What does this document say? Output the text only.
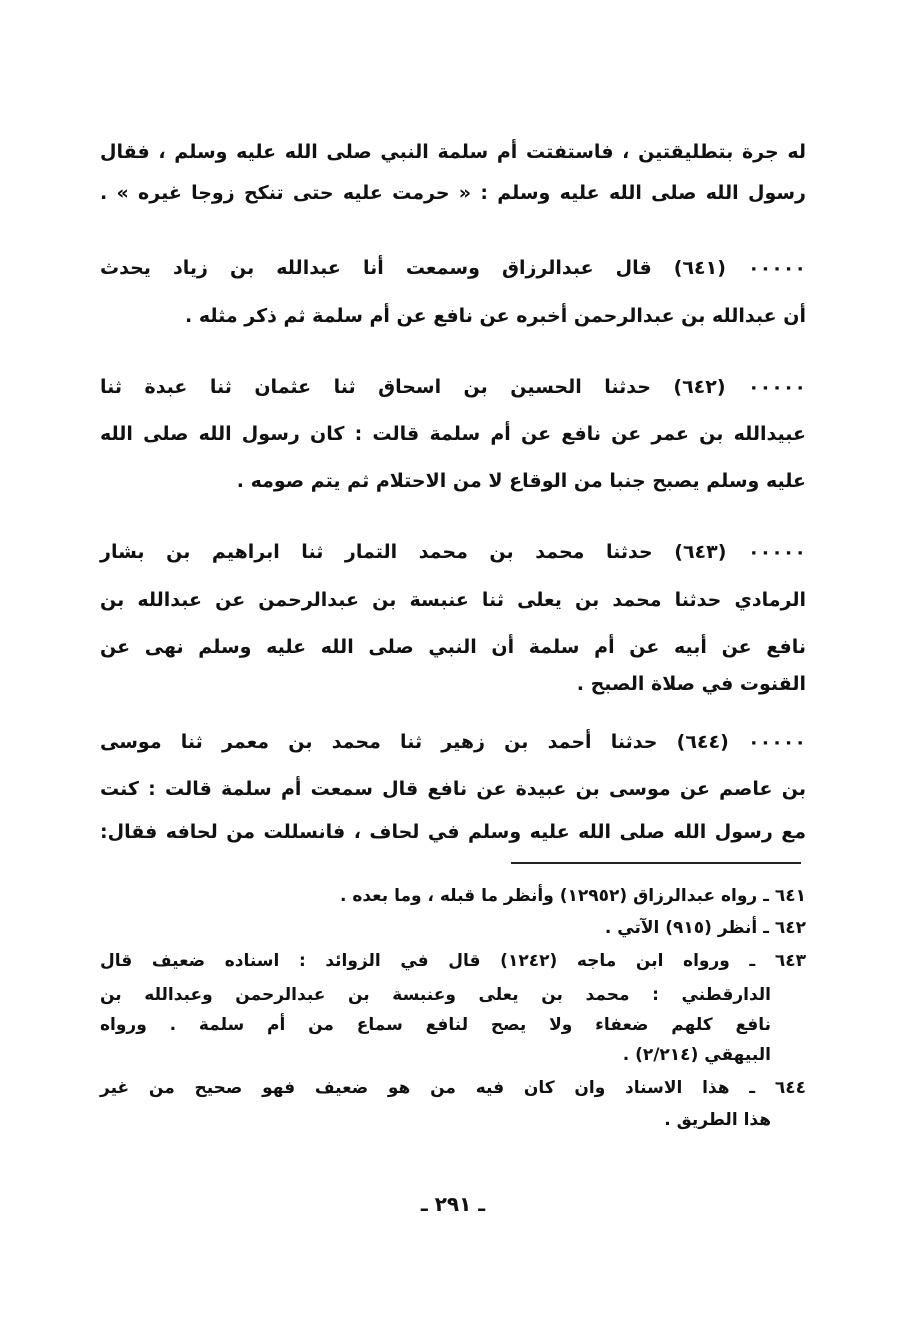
له جرة بتطليقتين ، فاستفتت أم سلمة النبي صلى الله عليه وسلم ، فقال
رسول الله صلى الله عليه وسلم : « حرمت عليه حتى تنكح زوجا غيره » .
٠٠٠٠٠ (٦٤١) قال عبدالرزاق وسمعت أنا عبدالله بن زياد يحدث
أن عبدالله بن عبدالرحمن أخبره عن نافع عن أم سلمة ثم ذكر مثله .
٠٠٠٠٠ (٦٤٢) حدثنا الحسين بن اسحاق ثنا عثمان ثنا عبدة ثنا
عبيدالله بن عمر عن نافع عن أم سلمة قالت : كان رسول الله صلى الله
عليه وسلم يصبح جنبا من الوقاع لا من الاحتلام ثم يتم صومه .
٠٠٠٠٠ (٦٤٣) حدثنا محمد بن محمد التمار ثنا ابراهيم بن بشار
الرمادي حدثنا محمد بن يعلى ثنا عنبسة بن عبدالرحمن عن عبدالله بن
نافع عن أبيه عن أم سلمة أن النبي صلى الله عليه وسلم نهى عن
القنوت في صلاة الصبح .
٠٠٠٠٠ (٦٤٤) حدثنا أحمد بن زهير ثنا محمد بن معمر ثنا موسى
بن عاصم عن موسى بن عبيدة عن نافع قال سمعت أم سلمة قالت : كنت
مع رسول الله صلى الله عليه وسلم في لحاف ، فانسللت من لحافه فقال:
٦٤١ ـ رواه عبدالرزاق (١٢٩٥٢) وأنظر ما قبله ، وما بعده .
٦٤٢ ـ أنظر (٩١٥) الآتي .
٦٤٣ ـ ورواه ابن ماجه (١٢٤٢) قال في الزوائد : اسناده ضعيف قال
الدارقطني : محمد بن يعلى وعنبسة بن عبدالرحمن وعبدالله بن
نافع كلهم ضعفاء ولا يصح لنافع سماع من أم سلمة . ورواه
البيهقي (٢/٢١٤) .
٦٤٤ ـ هذا الاسناد وان كان فيه من هو ضعيف فهو صحيح من غير
هذا الطريق .
ـ ٢٩١ ـ
